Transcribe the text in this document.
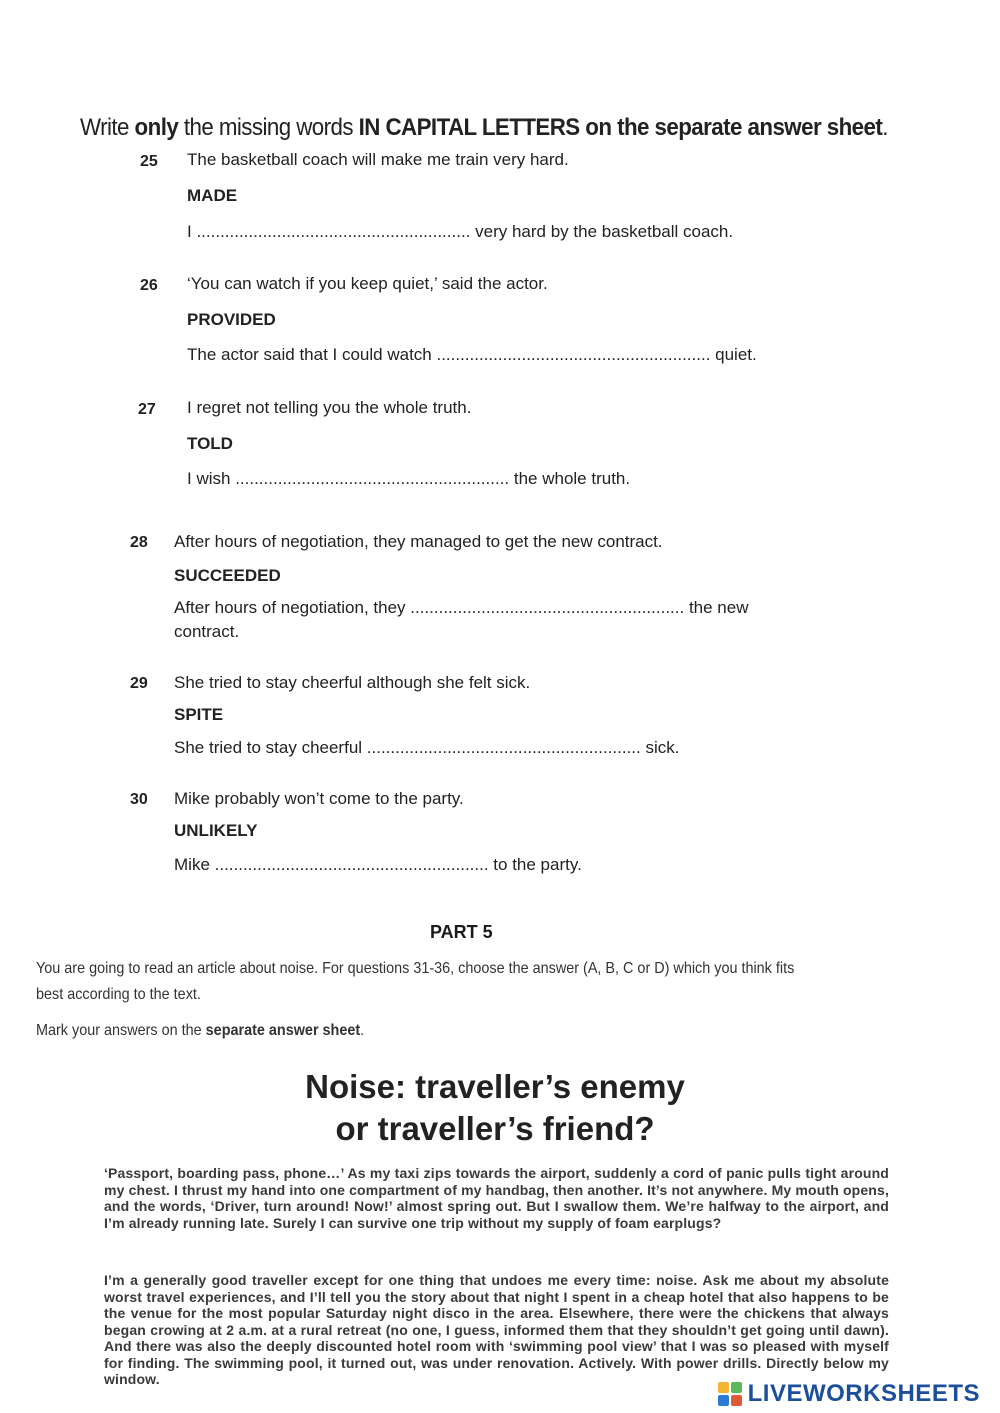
Write only the missing words IN CAPITAL LETTERS on the separate answer sheet.
25 The basketball coach will make me train very hard.
MADE
I .......................................................... very hard by the basketball coach.
26 ‘You can watch if you keep quiet,’ said the actor.
PROVIDED
The actor said that I could watch .......................................................... quiet.
27 I regret not telling you the whole truth.
TOLD
I wish .......................................................... the whole truth.
28 After hours of negotiation, they managed to get the new contract.
SUCCEEDED
After hours of negotiation, they .......................................................... the new
contract.
29 She tried to stay cheerful although she felt sick.
SPITE
She tried to stay cheerful .......................................................... sick.
30 Mike probably won’t come to the party.
UNLIKELY
Mike .......................................................... to the party.
PART 5
You are going to read an article about noise. For questions 31-36, choose the answer (A, B, C or D) which you think fits
best according to the text.
Mark your answers on the separate answer sheet.
Noise: traveller’s enemy
or traveller’s friend?

‘Passport, boarding pass, phone…’ As my taxi zips towards the airport, suddenly a cord of panic pulls tight around my chest. I thrust my hand into one compartment of my handbag, then another. It’s not anywhere. My mouth opens, and the words, ‘Driver, turn around! Now!’ almost spring out. But I swallow them. We’re halfway to the airport, and I’m already running late. Surely I can survive one trip without my supply of foam earplugs?

I’m a generally good traveller except for one thing that undoes me every time: noise. Ask me about my absolute worst travel experiences, and I’ll tell you the story about that night I spent in a cheap hotel that also happens to be the venue for the most popular Saturday night disco in the area. Elsewhere, there were the chickens that always began crowing at 2 a.m. at a rural retreat (no one, I guess, informed them that they shouldn’t get going until dawn). And there was also the deeply discounted hotel room with ‘swimming pool view’ that I was so pleased with myself for finding. The swimming pool, it turned out, was under renovation. Actively. With power drills. Directly below my window.

LIVEWORKSHEETS
